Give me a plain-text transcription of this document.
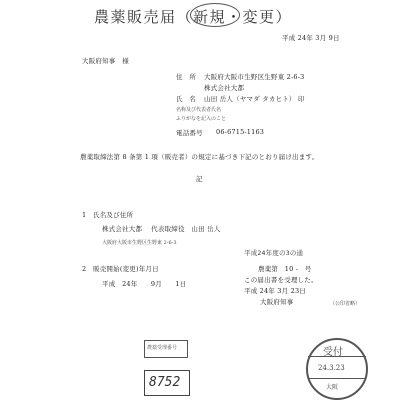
農薬販売届（新規・変更）
平成 24年 3月 9日
大阪府知事　様
住　所 大阪府大阪市生野区生野東 2-6-3
株式会社大都
氏　名 山田 岳人（ヤマダ タカヒト） 印
名称及び代表者氏名
ふりがなを記入のこと
電話番号 06-6715-1163
農薬取締法第 8 条第 1 項（販売者）の規定に基づき下記のとおり届け出ます。
記
1　氏名及び住所
株式会社大都　 代表取締役　山田 岳人
大阪府大阪市生野区生野東 2-6-3
2　販売開始(変更)年月日
平成　24年　　9月　　1日
平成24年度の3の通
農薬第　10 -　号
この届出書を受理した。
平成 24年 3月 23日
大阪府知事	（公印省略）
農薬受理番号
8752
受付
24.3.23
大阪
